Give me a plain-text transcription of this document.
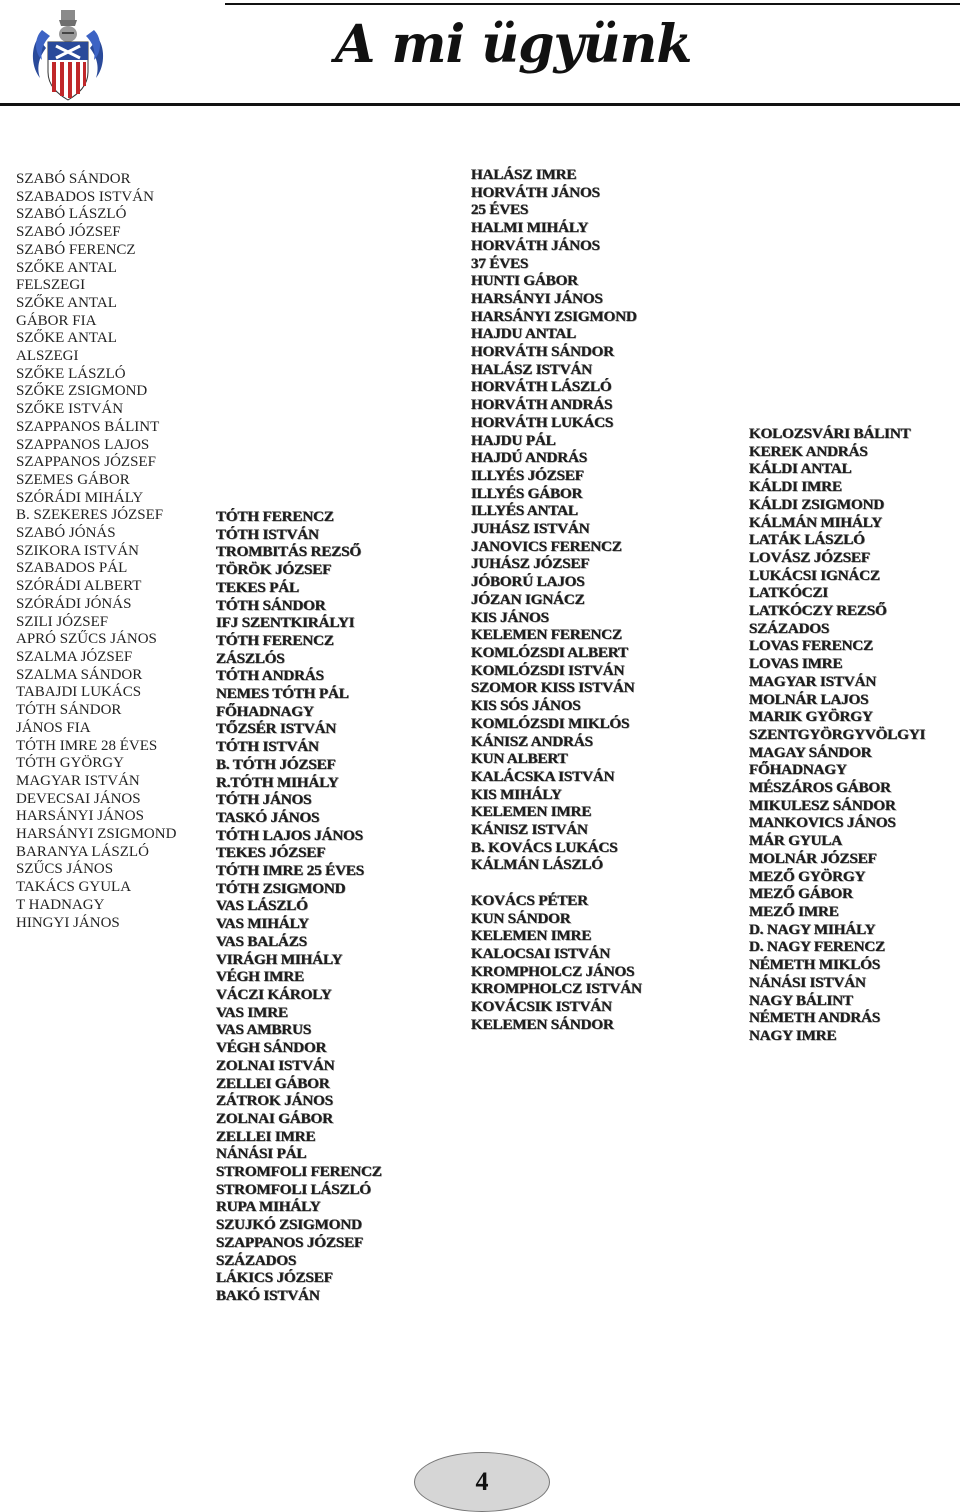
A mi ügyünk
SZABÓ SÁNDOR
SZABADOS ISTVÁN
SZABÓ LÁSZLÓ
SZABÓ JÓZSEF
SZABÓ FERENCZ
SZŐKE ANTAL
FELSZEGI
SZŐKE ANTAL
GÁBOR FIA
SZŐKE ANTAL
ALSZEGI
SZŐKE LÁSZLÓ
SZŐKE ZSIGMOND
SZŐKE ISTVÁN
SZAPPANOS BÁLINT
SZAPPANOS LAJOS
SZAPPANOS JÓZSEF
SZEMES GÁBOR
SZÓRÁDI MIHÁLY
B. SZEKERES JÓZSEF
SZABÓ JÓNÁS
SZIKORA ISTVÁN
SZABADOS PÁL
SZÓRÁDI ALBERT
SZÓRÁDI JÓNÁS
SZILI JÓZSEF
APRÓ SZŰCS JÁNOS
SZALMA JÓZSEF
SZALMA SÁNDOR
TABAJDI LUKÁCS
TÓTH SÁNDOR
JÁNOS FIA
TÓTH IMRE 28 ÉVES
TÓTH GYÖRGY
MAGYAR ISTVÁN
DEVECSAI JÁNOS
HARSÁNYI JÁNOS
HARSÁNYI ZSIGMOND
BARANYA LÁSZLÓ
SZŰCS JÁNOS
TAKÁCS GYULA
T HADNAGY
HINGYI JÁNOS
TÓTH FERENCZ
TÓTH ISTVÁN
TROMBITÁS REZSŐ
TÖRÖK JÓZSEF
TEKES PÁL
TÓTH SÁNDOR
IFJ SZENTKIRÁLYI
TÓTH FERENCZ
ZÁSZLÓS
TÓTH ANDRÁS
NEMES TÓTH PÁL
FŐHADNAGY
TŐZSÉR ISTVÁN
TÓTH ISTVÁN
B. TÓTH JÓZSEF
R.TÓTH MIHÁLY
TÓTH JÁNOS
TASKÓ JÁNOS
TÓTH LAJOS JÁNOS
TEKES JÓZSEF
TÓTH IMRE 25 ÉVES
TÓTH ZSIGMOND
VAS LÁSZLÓ
VAS MIHÁLY
VAS BALÁZS
VIRÁGH MIHÁLY
VÉGH IMRE
VÁCZI KÁROLY
VAS IMRE
VAS AMBRUS
VÉGH SÁNDOR
ZOLNAI ISTVÁN
ZELLEI GÁBOR
ZÁTROK JÁNOS
ZOLNAI GÁBOR
ZELLEI IMRE
NÁNÁSI PÁL
STROMFOLI FERENCZ
STROMFOLI LÁSZLÓ
RUPA MIHÁLY
SZUJKÓ ZSIGMOND
SZAPPANOS JÓZSEF
SZÁZADOS
LÁKICS JÓZSEF
BAKÓ ISTVÁN
HALÁSZ IMRE
HORVÁTH JÁNOS
25 ÉVES
HALMI MIHÁLY
HORVÁTH JÁNOS
37 ÉVES
HUNTI GÁBOR
HARSÁNYI JÁNOS
HARSÁNYI ZSIGMOND
HAJDU ANTAL
HORVÁTH SÁNDOR
HALÁSZ ISTVÁN
HORVÁTH LÁSZLÓ
HORVÁTH ANDRÁS
HORVÁTH LUKÁCS
HAJDU PÁL
HAJDÚ ANDRÁS
ILLYÉS JÓZSEF
ILLYÉS GÁBOR
ILLYÉS ANTAL
JUHÁSZ ISTVÁN
JANOVICS FERENCZ
JUHÁSZ JÓZSEF
JÓBORÚ LAJOS
JÓZAN IGNÁCZ
KIS JÁNOS
KELEMEN FERENCZ
KOMLÓZSDI ALBERT
KOMLÓZSDI ISTVÁN
SZOMOR KISS ISTVÁN
KIS SÓS JÁNOS
KOMLÓZSDI MIKLÓS
KÁNISZ ANDRÁS
KUN ALBERT
KALÁCSKA ISTVÁN
KIS MIHÁLY
KELEMEN IMRE
KÁNISZ ISTVÁN
B. KOVÁCS LUKÁCS
KÁLMÁN LÁSZLÓ
KOVÁCS PÉTER
KUN SÁNDOR
KELEMEN IMRE
KALOCSAI ISTVÁN
KROMPHOLCZ JÁNOS
KROMPHOLCZ ISTVÁN
KOVÁCSIK ISTVÁN
KELEMEN SÁNDOR
KOLOZSVÁRI BÁLINT
KEREK ANDRÁS
KÁLDI ANTAL
KÁLDI IMRE
KÁLDI ZSIGMOND
KÁLMÁN MIHÁLY
LATÁK LÁSZLÓ
LOVÁSZ JÓZSEF
LUKÁCSI IGNÁCZ
LATKÓCZI
LATKÓCZY REZSŐ
SZÁZADOS
LOVAS FERENCZ
LOVAS IMRE
MAGYAR ISTVÁN
MOLNÁR LAJOS
MARIK GYÖRGY
SZENTGYÖRGYVÖLGYI
MAGAY SÁNDOR
FŐHADNAGY
MÉSZÁROS GÁBOR
MIKULESZ SÁNDOR
MANKOVICS JÁNOS
MÁR GYULA
MOLNÁR JÓZSEF
MEZŐ GYÖRGY
MEZŐ GÁBOR
MEZŐ IMRE
D. NAGY MIHÁLY
D. NAGY FERENCZ
NÉMETH MIKLÓS
NÁNÁSI ISTVÁN
NAGY BÁLINT
NÉMETH ANDRÁS
NAGY IMRE
4
